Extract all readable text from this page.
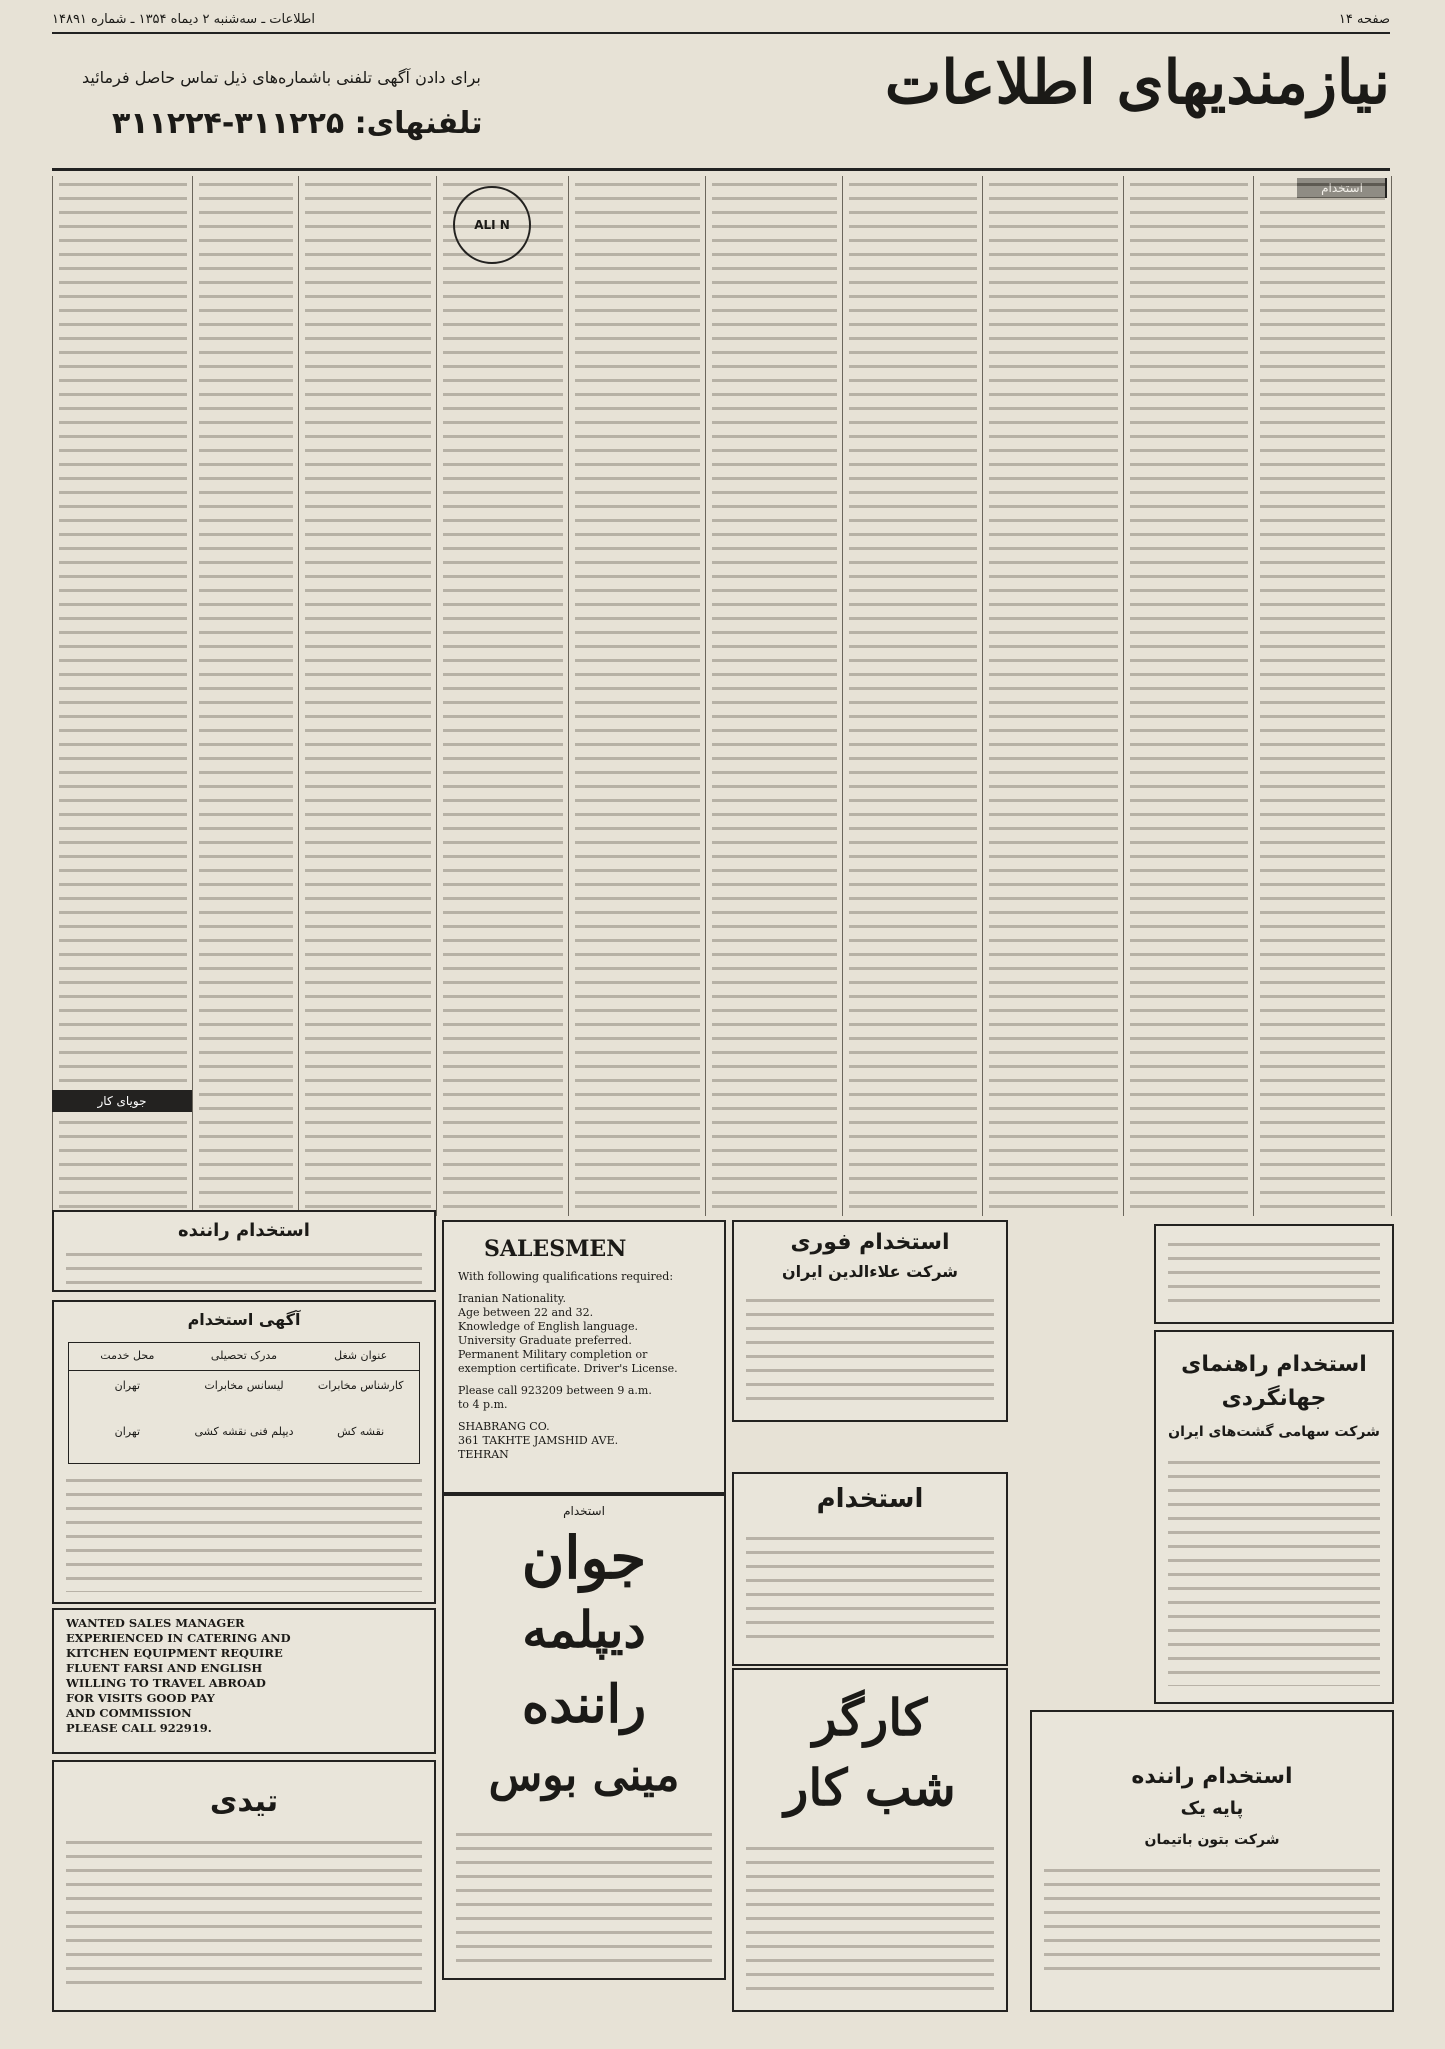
صفحه ۱۴
اطلاعات ـ سه‌شنبه ۲ دیماه ۱۳۵۴ ـ شماره ۱۴۸۹۱
نیازمندیهای اطلاعات
برای دادن آگهی تلفنی باشماره‌های ذیل تماس حاصل فرمائید
تلفنهای: ۳۱۱۲۲۵-۳۱۱۲۲۴
ALI N
SALESMEN
With following qualifications required:
Iranian Nationality.
Age between 22 and 32.
Knowledge of English language.
University Graduate preferred.
Permanent Military completion or
exemption certificate. Driver's License.
Please call 923209 between 9 a.m.
to 4 p.m.
SHABRANG CO.
361 TAKHTE JAMSHID AVE.
TEHRAN
استخدام
جوان
دیپلمه
راننده
مینی بوس
استخدام فوری
شرکت علاءالدین ایران
استخدام
کارگر
شب کار
استخدام راهنمای
جهانگردی
شرکت سهامی گشت‌های ایران
استخدام راننده
پایه یک
شرکت بتون باتیمان
استخدام راننده
آگهی استخدام
عنوان شغل
مدرک تحصیلی
محل خدمت
کارشناس مخابرات
لیسانس مخابرات
تهران
نقشه کش
دیپلم فنی نقشه کشی
تهران
WANTED SALES MANAGER
EXPERIENCED IN CATERING AND
KITCHEN EQUIPMENT REQUIRE
FLUENT FARSI AND ENGLISH
WILLING TO TRAVEL ABROAD
FOR VISITS GOOD PAY
AND COMMISSION
PLEASE CALL 922919.
تیدی
جویای کار
